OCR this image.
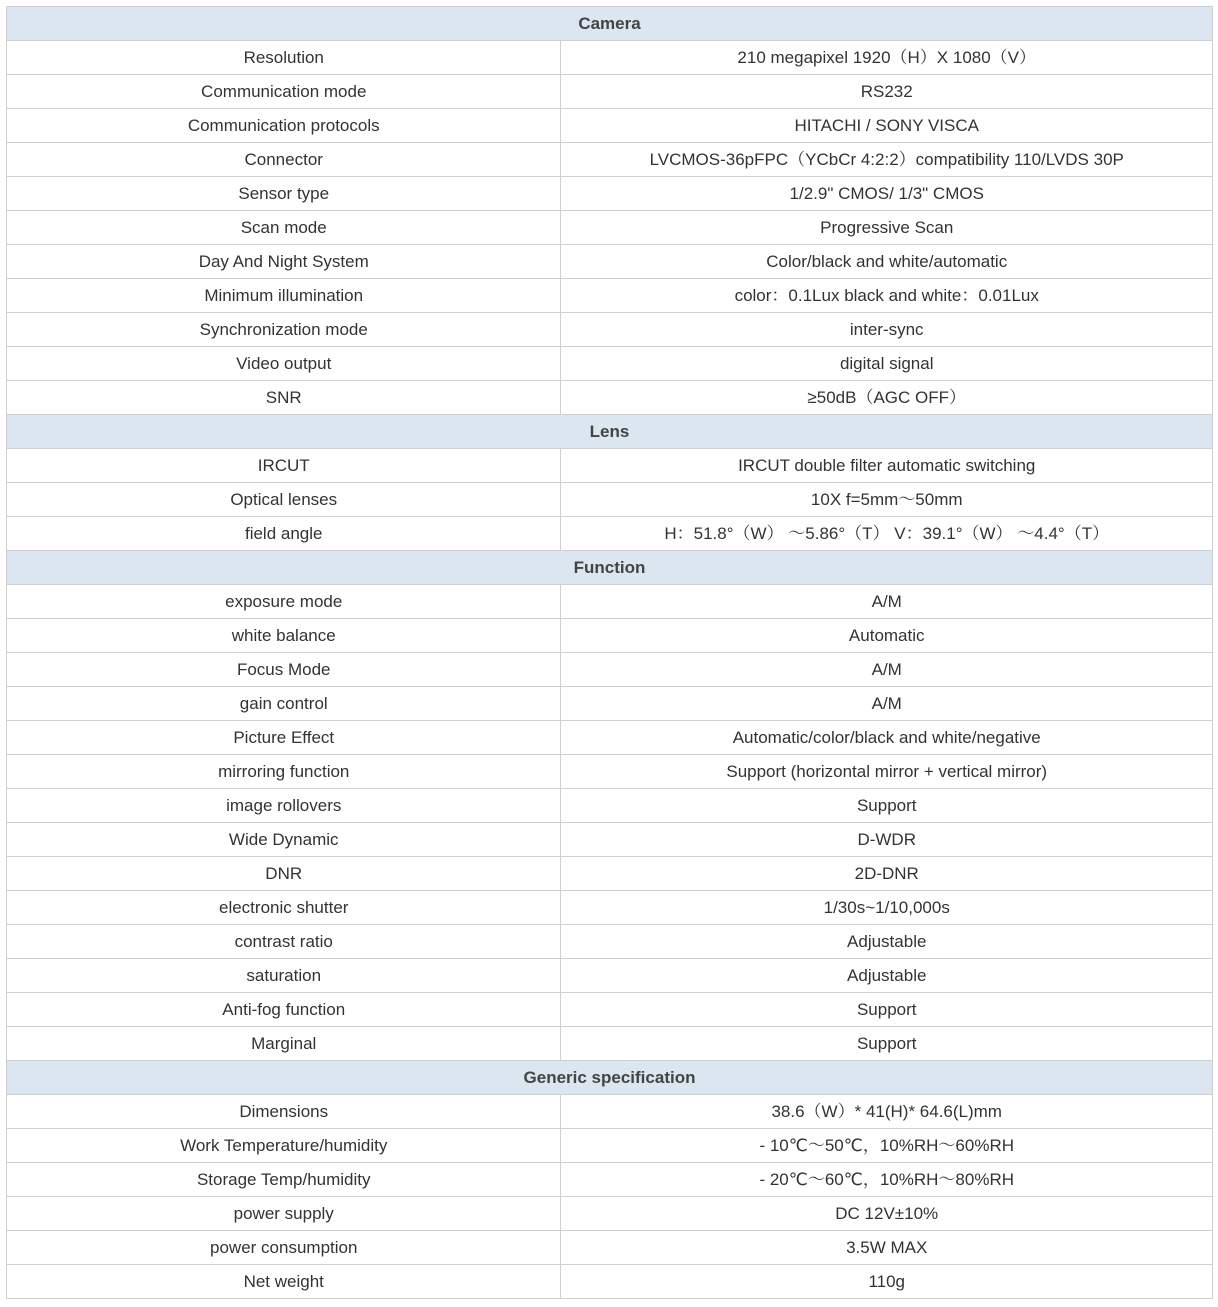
Camera	
Resolution	210 megapixel 1920（H）X 1080（V）
Communication mode	RS232
Communication protocols	HITACHI / SONY VISCA
Connector	LVCMOS-36pFPC（YCbCr 4:2:2）compatibility 110/LVDS 30P
Sensor type	1/2.9" CMOS/ 1/3" CMOS
Scan mode	Progressive Scan
Day And Night System	Color/black and white/automatic
Minimum illumination	color：0.1Lux black and white：0.01Lux
Synchronization mode	inter-sync
Video output	digital signal
SNR	≥50dB（AGC OFF）
Lens	
IRCUT	IRCUT double filter automatic switching
Optical lenses	10X f=5mm～50mm
field angle	H：51.8°（W） ～5.86°（T） V：39.1°（W） ～4.4°（T）
Function	
exposure mode	A/M
white balance	Automatic
Focus Mode	A/M
gain control	A/M
Picture Effect	Automatic/color/black and white/negative
mirroring function	Support (horizontal mirror + vertical mirror)
image rollovers	Support
Wide Dynamic	D-WDR
DNR	2D-DNR
electronic shutter	1/30s~1/10,000s
contrast ratio	Adjustable
saturation	Adjustable
Anti-fog function	Support
Marginal	Support
Generic specification	
Dimensions	38.6（W）* 41(H)* 64.6(L)mm
Work Temperature/humidity	- 10℃～50℃，10%RH～60%RH
Storage Temp/humidity	- 20℃～60℃，10%RH～80%RH
power supply	DC 12V±10%
power consumption	3.5W MAX
Net weight	110g
